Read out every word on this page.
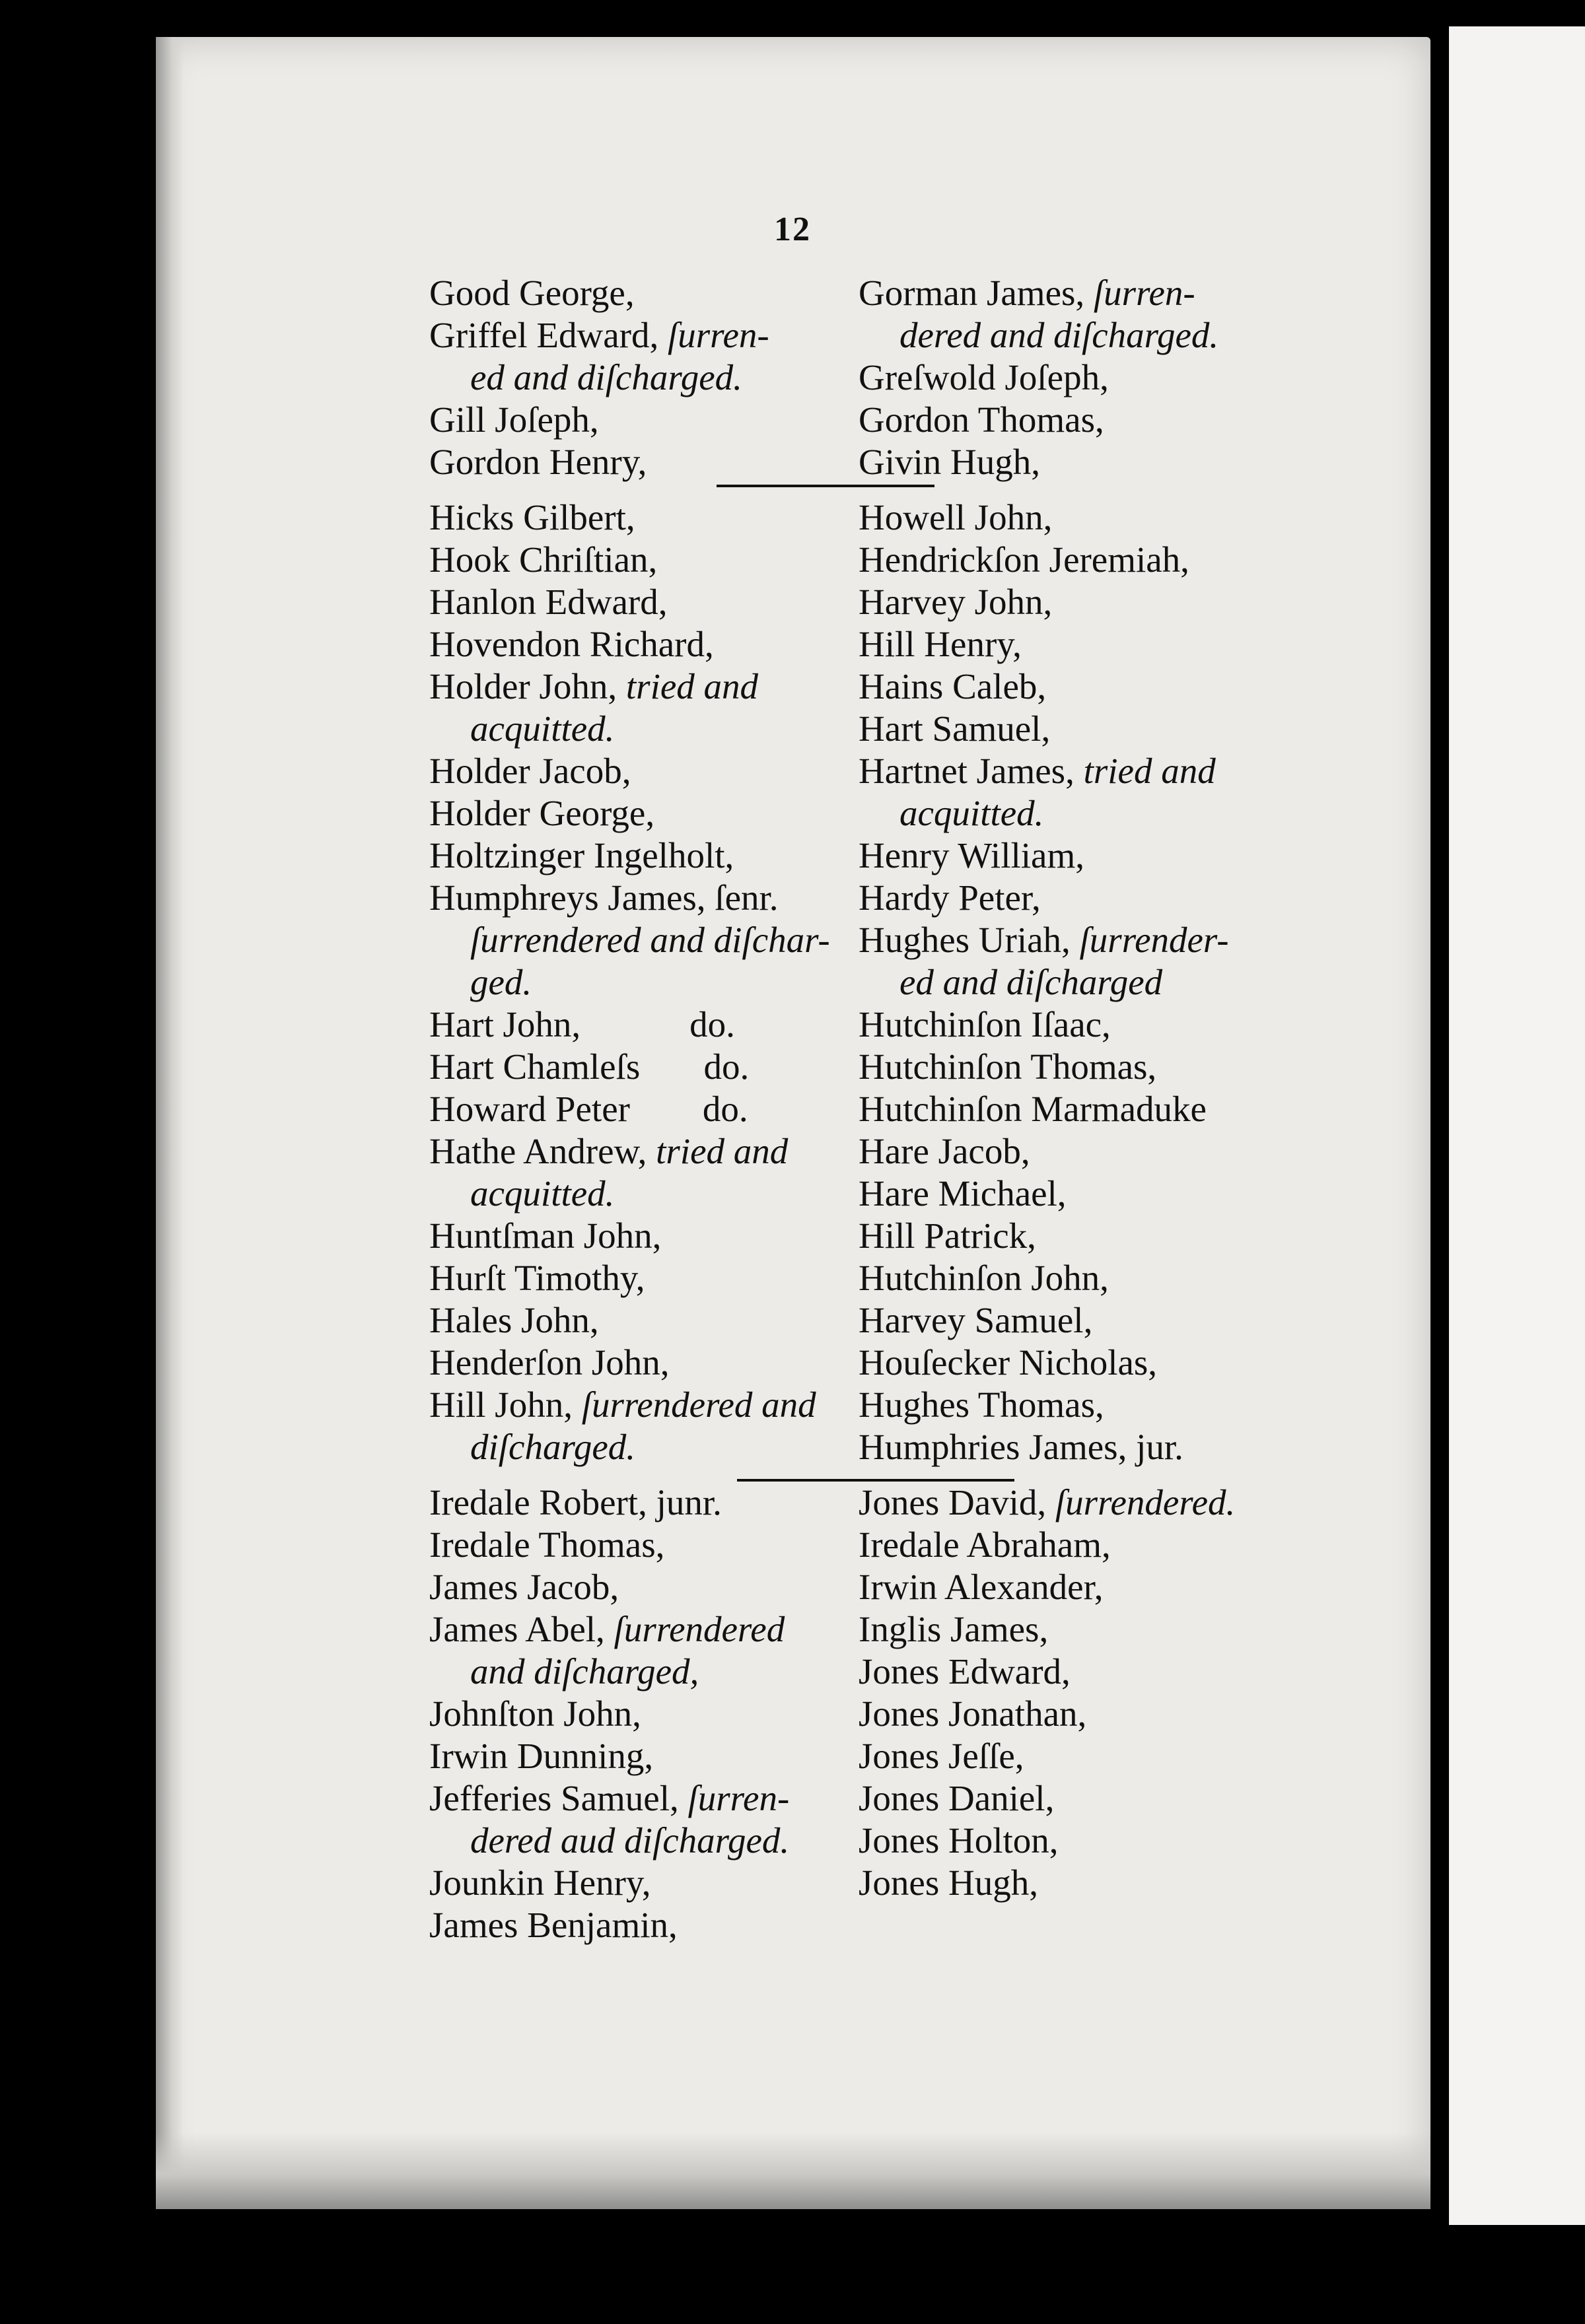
12
Good George,
Griffel Edward, ſurren-
ed and diſcharged.
Gill Joſeph,
Gordon Henry,
Hicks Gilbert,
Hook Chriſtian,
Hanlon Edward,
Hovendon Richard,
Holder John, tried and
acquitted.
Holder Jacob,
Holder George,
Holtzinger Ingelholt,
Humphreys James, ſenr.
ſurrendered and diſchar-
ged.
Hart John,            do.
Hart Chamleſs       do.
Howard Peter        do.
Hathe Andrew, tried and
acquitted.
Huntſman John,
Hurſt Timothy,
Hales John,
Henderſon John,
Hill John, ſurrendered and
diſcharged.
Iredale Robert, junr.
Iredale Thomas,
James Jacob,
James Abel, ſurrendered
and diſcharged,
Johnſton John,
Irwin Dunning,
Jefferies Samuel, ſurren-
dered aud diſcharged.
Jounkin Henry,
James Benjamin,
Gorman James, ſurren-
dered and diſcharged.
Greſwold Joſeph,
Gordon Thomas,
Givin Hugh,
Howell John,
Hendrickſon Jeremiah,
Harvey John,
Hill Henry,
Hains Caleb,
Hart Samuel,
Hartnet James, tried and
acquitted.
Henry William,
Hardy Peter,
Hughes Uriah, ſurrender-
ed and diſcharged
Hutchinſon Iſaac,
Hutchinſon Thomas,
Hutchinſon Marmaduke
Hare Jacob,
Hare Michael,
Hill Patrick,
Hutchinſon John,
Harvey Samuel,
Houſecker Nicholas,
Hughes Thomas,
Humphries James, jur.
Jones David, ſurrendered.
Iredale Abraham,
Irwin Alexander,
Inglis James,
Jones Edward,
Jones Jonathan,
Jones Jeſſe,
Jones Daniel,
Jones Holton,
Jones Hugh,
